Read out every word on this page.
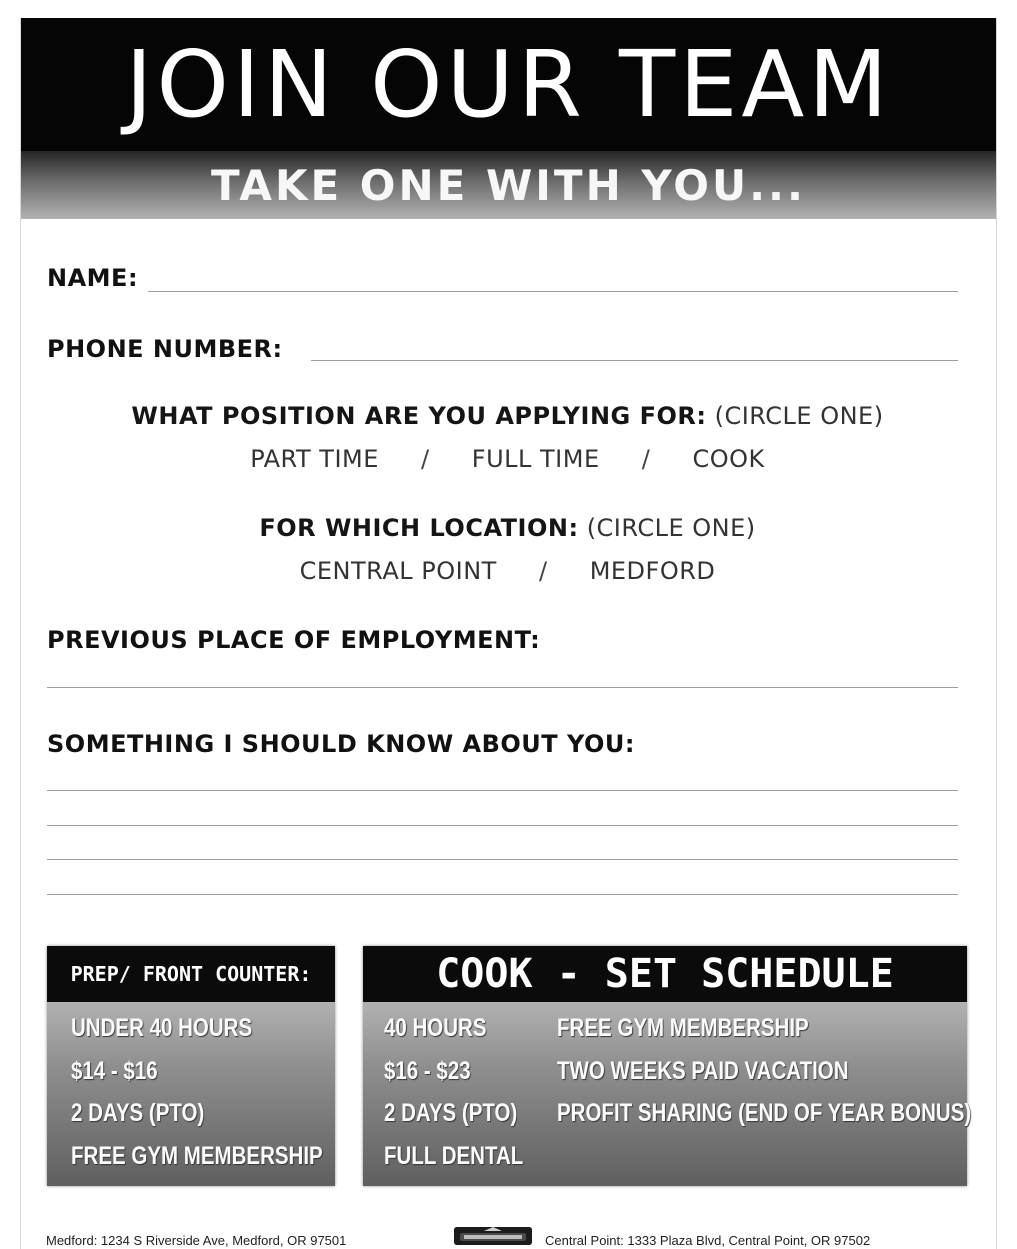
JOIN OUR TEAM
TAKE ONE WITH YOU...
NAME:
PHONE NUMBER:
WHAT POSITION ARE YOU APPLYING FOR: (CIRCLE ONE)
PART TIME / FULL TIME / COOK
FOR WHICH LOCATION: (CIRCLE ONE)
CENTRAL POINT / MEDFORD
PREVIOUS PLACE OF EMPLOYMENT:
SOMETHING I SHOULD KNOW ABOUT YOU:
PREP/ FRONT COUNTER:
UNDER 40 HOURS
$14 - $16
2 DAYS (PTO)
FREE GYM MEMBERSHIP
COOK - SET SCHEDULE
40 HOURS
$16 - $23
2 DAYS (PTO)
FULL DENTAL
FREE GYM MEMBERSHIP
TWO WEEKS PAID VACATION
PROFIT SHARING (END OF YEAR BONUS)
Medford: 1234 S Riverside Ave, Medford, OR 97501	Central Point: 1333 Plaza Blvd, Central Point, OR 97502
